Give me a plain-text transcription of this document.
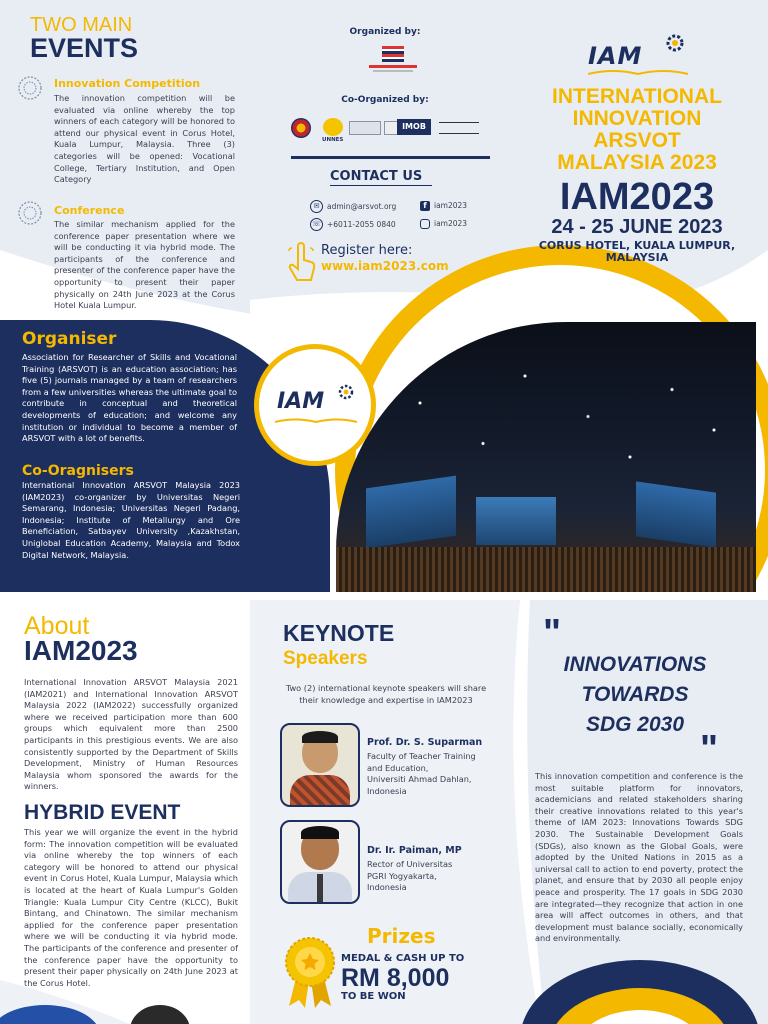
TWO MAIN
EVENTS
Innovation Competition
The innovation competition will be evaluated via online whereby the top winners of each category will be honored to attend our physical event in Corus Hotel, Kuala Lumpur, Malaysia. Three (3) categories will be opened: Vocational College, Tertiary Institution, and Open Category
Conference
The similar mechanism applied for the conference paper presentation where we will be conducting it via hybrid mode. The participants of the conference and presenter of the conference paper have the opportunity to present their paper physically on 24th June 2023 at the Corus Hotel Kuala Lumpur.
Organized by:
Co-Organized by:
UNNES
IMOB
CONTACT US
✉ admin@arsvot.org
☏ +6011-2055 0840
f iam2023
iam2023
Register here:
www.iam2023.com
IAM
INTERNATIONAL
INNOVATION
ARSVOT
MALAYSIA 2023
IAM2023
24 - 25 JUNE 2023
CORUS HOTEL, KUALA LUMPUR,
MALAYSIA
IAM
Organiser
Association for Researcher of Skills and Vocational Training (ARSVOT) is an education association; has five (5) journals managed by a team of researchers from a few universities whereas the ultimate goal to contribute in conceptual and theoretical developments of education; and welcome any institution or individual to become a member of ARSVOT with a lot of benefits.
Co-Oragnisers
International Innovation ARSVOT Malaysia 2023 (IAM2023) co-organizer by Universitas Negeri Semarang, Indonesia; Universitas Negeri Padang, Indonesia; Institute of Metallurgy and Ore Beneficiation, Satbayev University ,Kazakhstan, Uniglobal Education Academy, Malaysia and Todox Digital Network, Malaysia.
About
IAM2023
International Innovation ARSVOT Malaysia 2021 (IAM2021) and International Innovation ARSVOT Malaysia 2022 (IAM2022) successfully organized where we received participation more than 600 groups which equivalent more than 2500 participants in this prestigious events. We are also consistently supported by the Department of Skills Development, Ministry of Human Resources Malaysia whom sponsored the awards for the winners.
HYBRID EVENT
This year we will organize the event in the hybrid form: The innovation competition will be evaluated via online whereby the top winners of each category will be honored to attend our physical event in Corus Hotel, Kuala Lumpur, Malaysia which is located at the heart of Kuala Lumpur's Golden Triangle: Kuala Lumpur City Centre (KLCC), Bukit Bintang, and Chinatown. The similar mechanism applied for the conference paper presentation where we will be conducting it via hybrid mode. The participants of the conference and presenter of the conference paper have the opportunity to present their paper physically on 24th June 2023 at the Corus Hotel.
KEYNOTE
Speakers
Two (2) international keynote speakers will share their knowledge and expertise in IAM2023
Prof. Dr. S. Suparman
Faculty of Teacher Training
and Education,
Universiti Ahmad Dahlan,
Indonesia
Dr. Ir. Paiman, MP
Rector of Universitas
PGRI Yogyakarta,
Indonesia
Prizes
MEDAL & CASH UP TO
RM 8,000
TO BE WON
"
INNOVATIONS
TOWARDS
SDG 2030
"
This innovation competition and conference is the most suitable platform for innovators, academicians and related stakeholders sharing their creative innovations related to this year's theme of IAM 2023: Innovations Towards SDG 2030. The Sustainable Development Goals (SDGs), also known as the Global Goals, were adopted by the United Nations in 2015 as a universal call to action to end poverty, protect the planet, and ensure that by 2030 all people enjoy peace and prosperity. The 17 goals in SDG 2030 are integrated—they recognize that action in one area will affect outcomes in others, and that development must balance socially, economically and environmentally.
